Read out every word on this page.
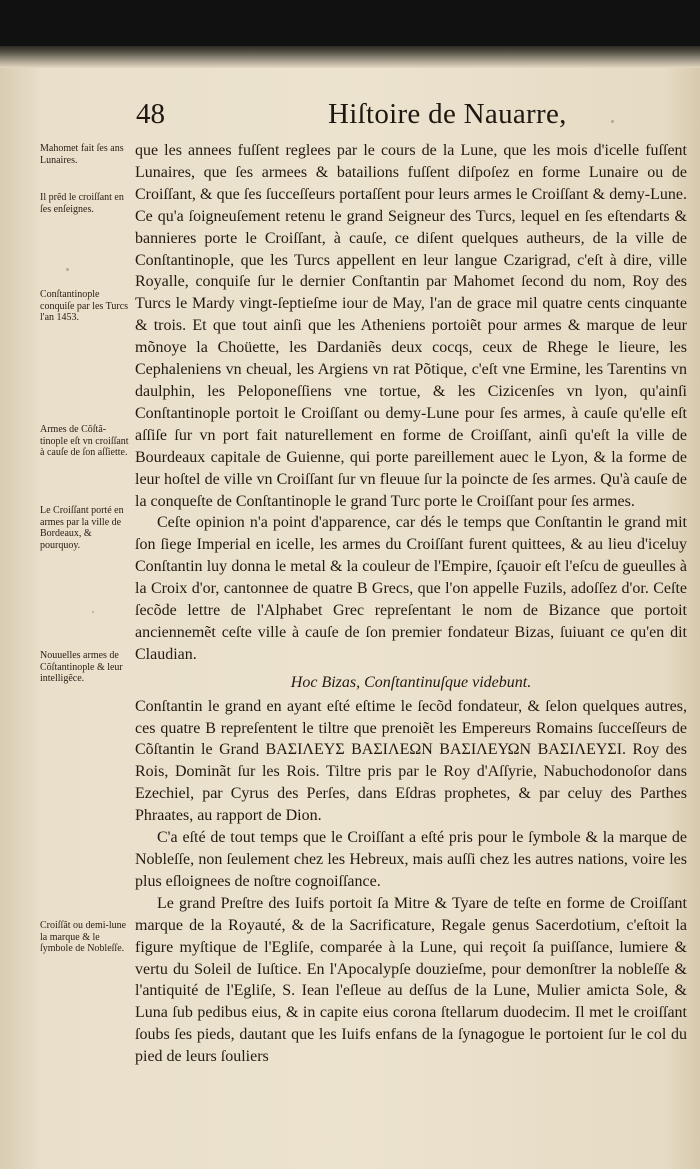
48	Hiſtoire de Nauarre,
Mahomet fait ſes ans Lunaires.
Il prẽd le croiſſant en ſes enſeignes.
Conſtantinople conquiſe par les Turcs l'an 1453.
Armes de Cõſtã-tinople eſt vn croiſſant à cauſe de ſon aſſiette.
Le Croiſſant porté en armes par la ville de Bordeaux, & pourquoy.
Nouuelles armes de Cõſtantinople & leur intelligẽce.
Croiſſãt ou demi-lune la marque & le ſymbole de Nobleſſe.

que les annees fuſſent reglees par le cours de la Lune, que les mois d'icelle fuſſent Lunaires, que ſes armees & batailions fuſſent diſpoſez en forme Lunaire ou de Croiſſant, & que ſes ſucceſſeurs portaſſent pour leurs armes le Croiſſant & demy-Lune. Ce qu'a ſoigneuſement retenu le grand Seigneur des Turcs, lequel en ſes eſtendarts & bannieres porte le Croiſſant, à cauſe, ce diſent quelques autheurs, de la ville de Conſtantinople, que les Turcs appellent en leur langue Czarigrad, c'eſt à dire, ville Royalle, conquiſe ſur le dernier Conſtantin par Mahomet ſecond du nom, Roy des Turcs le Mardy vingt-ſeptieſme iour de May, l'an de grace mil quatre cents cinquante & trois. Et que tout ainſi que les Atheniens portoiẽt pour armes & marque de leur mõnoye la Choüette, les Dardaniẽs deux cocqs, ceux de Rhege le lieure, les Cephaleniens vn cheual, les Argiens vn rat Põtique, c'eſt vne Ermine, les Tarentins vn daulphin, les Peloponeſſiens vne tortue, & les Cizicenſes vn lyon, qu'ainſi Conſtantinople portoit le Croiſſant ou demy-Lune pour ſes armes, à cauſe qu'elle eſt aſſiſe ſur vn port fait naturellement en forme de Croiſſant, ainſi qu'eſt la ville de Bourdeaux capitale de Guienne, qui porte pareillement auec le Lyon, & la forme de leur hoſtel de ville vn Croiſſant ſur vn fleuue ſur la poincte de ſes armes. Qu'à cauſe de la conqueſte de Conſtantinople le grand Turc porte le Croiſſant pour ſes armes.

Ceſte opinion n'a point d'apparence, car dés le temps que Conſtantin le grand mit ſon ſiege Imperial en icelle, les armes du Croiſſant furent quittees, & au lieu d'iceluy Conſtantin luy donna le metal & la couleur de l'Empire, ſçauoir eſt l'eſcu de gueulles à la Croix d'or, cantonnee de quatre B Grecs, que l'on appelle Fuzils, adoſſez d'or. Ceſte ſecõde lettre de l'Alphabet Grec repreſentant le nom de Bizance que portoit anciennemẽt ceſte ville à cauſe de ſon premier fondateur Bizas, ſuiuant ce qu'en dit Claudian.

Hoc Bizas, Conſtantinuſque videbunt.

Conſtantin le grand en ayant eſté eſtime le ſecõd fondateur, & ſelon quelques autres, ces quatre B repreſentent le tiltre que prenoiẽt les Empereurs Romains ſucceſſeurs de Cõſtantin le Grand ΒΑΣΙΛΕΥΣ ΒΑΣΙΛΕΩΝ ΒΑΣΙΛΕΥΩΝ ΒΑΣΙΛΕΥΣΙ. Roy des Rois, Dominãt ſur les Rois. Tiltre pris par le Roy d'Aſſyrie, Nabuchodonoſor dans Ezechiel, par Cyrus des Perſes, dans Eſdras prophetes, & par celuy des Parthes Phraates, au rapport de Dion.

C'a eſté de tout temps que le Croiſſant a eſté pris pour le ſymbole & la marque de Nobleſſe, non ſeulement chez les Hebreux, mais auſſi chez les autres nations, voire les plus eſloignees de noſtre cognoiſſance.

Le grand Preſtre des Iuifs portoit ſa Mitre & Tyare de teſte en forme de Croiſſant marque de la Royauté, & de la Sacrificature, Regale genus Sacerdotium, c'eſtoit la figure myſtique de l'Egliſe, comparée à la Lune, qui reçoit ſa puiſſance, lumiere & vertu du Soleil de Iuſtice. En l'Apocalypſe douzieſme, pour demonſtrer la nobleſſe & l'antiquité de l'Egliſe, S. Iean l'eſleue au deſſus de la Lune, Mulier amicta Sole, & Luna ſub pedibus eius, & in capite eius corona ſtellarum duodecim. Il met le croiſſant ſoubs ſes pieds, dautant que les Iuifs enfans de la ſynagogue le portoient ſur le col du pied de leurs ſouliers
